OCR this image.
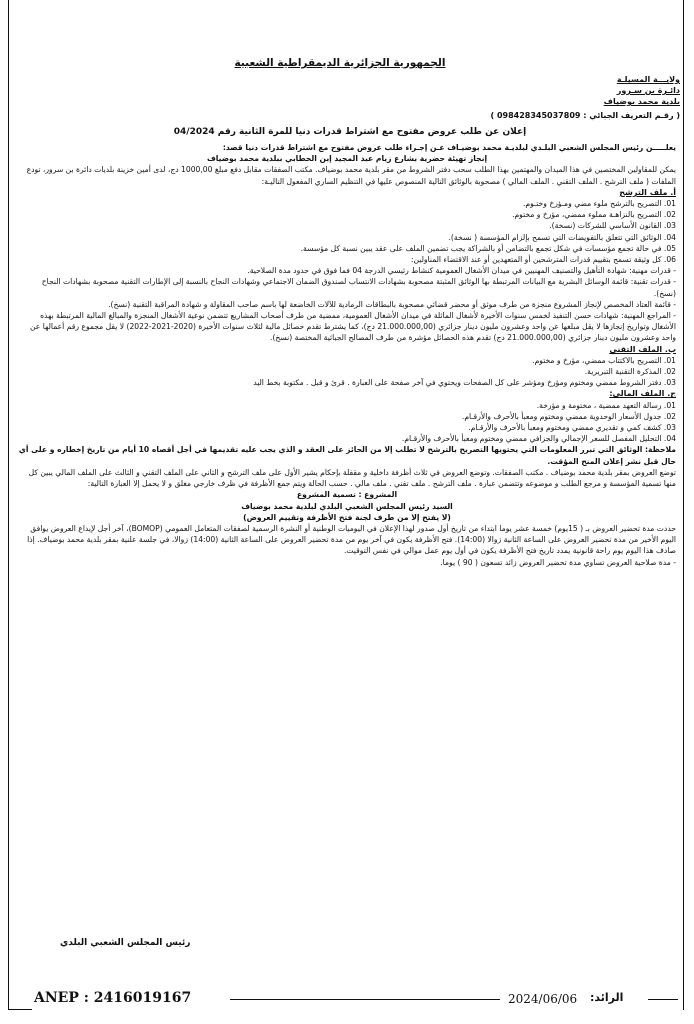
الجمهورية الجزائرية الديمقراطية الشعبية
ولايـــة المسيلـة
دائـرة بن سـرور
بلدية محمد بوضياف
( رقـم التعريف الجبائي : 098428345037809 )
إعلان عن طلب عروض مفتوح مع اشتراط قدرات دنيا للمرة الثانية رقم 04/2024

يعلـــــن رئيس المجلس الشعبي البلـدي لبلديـة محمد بوضيـاف عـن إجـراء طلب عروض مفتوح مع اشتراط قدرات دنيا قصد:

إنجاز تهيئة حضرية بشارع زيام عبد المجيد إبن الحطابي ببلدية محمد بوضياف

يمكن للمقاولين المختصين في هذا الميدان والمهتمين بهذا الطلب سحب دفتر الشروط من مقر بلدية محمد بوضياف. مكتب الصفقات مقابل دفع مبلغ 1000,00 دج، لدى أمين خزينة بلديات دائرة بن سرور، تودع الملفات ( ملف الترشح . الملف التقني . الملف المالي ) مصحوبة بالوثائق التالية المنصوص عليها في التنظيم الساري المفعول التاليـة:

أ. ملف الترشح

01. التصريح بالترشح ملوء مضي ومـؤرخ وختـوم.

02. التصريح بالنزاهـة مملوء ممضي، مؤرخ و مختوم.

03. القانون الأساسي للشركات (نسخة).

04. الوثائق التي تتعلق بالتفويضات التي تسمح بإلزام المؤسسة ( نسخة).

05. في حالة تجمع مؤسسات في شكل تجمع بالتضامن أو بالشراكة يجب تضمين الملف على عقد يبين نسبة كل مؤسسة.

06. كل وثيقة تسمح بتقييم قدرات المترشحين أو المتعهدين أو عند الاقتضاء المناولين:

- قدرات مهنية: شهادة التأهيل والتصنيف المهنيين في ميدان الأشغال العمومية كنشاط رئيسي الدرجة 04 فما فوق في حدود مدة الصلاحية.

- قدرات تقنية: قائمة الوسائل البشرية مع البيانات المرتبطة بها الوثائق المثبتة مصحوبة بشهادات الانتساب لصندوق الضمان الاجتماعي وشهادات النجاح بالنسبة إلى الإطارات التقنية مصحوبة بشهادات النجاح (نسخ).

- قائمة العتاد المخصص لإنجاز المشروع منجزة من طرف موثق أو محضر قضائي مصحوبة بالبطاقات الرمادية للآلات الخاضعة لها باسم صاحب المقاولة و شهادة المراقبة التقنية (نسخ).

- المراجع المهنية: شهادات حسن التنفيذ لخمس سنوات الأخيرة لأشغال الماثلة في ميدان الأشغال العمومية، ممضية من طرف أصحاب المشاريع تتضمن نوعية الأشغال المنجزة والمبالغ المالية المرتبطة بهذه الأشغال وتواريخ إنجازها لا يقل مبلغها عن واحد وعشرون مليون دينار جزائري (21.000.000,00 دج)، كما يشترط تقدم حصائل مالية لثلاث سنوات الأخيرة (2020-2021-2022) لا يقل مجموع رقم أعمالها عن واحد وعشرون مليون دينار جزائري (21.000.000,00 دج) تقدم هذه الحصائل مؤشرة من طرف المصالح الجبائية المختصة (نسخ).

ب. الملف التقني

01. التصريح بالاكتتاب ممضي، مؤرخ و مختوم.

02. المذكرة التقنية التبريرية.

03. دفتر الشروط ممضي ومختوم ومؤرخ ومؤشر على كل الصفحات ويحتوي في آخر صفحة على العبارة . قرئ و قبل . مكتوبة بخط اليد

ج. الملف المالي:

01. رسالة التعهد ممضية ، مختومة و مؤرخة.

02. جدول الأسعار الوحدوية ممضي ومختوم ومعبأ بالأحرف والأرقـام.

03. كشف كمي و تقديري ممضي ومختوم ومعبأ بالأحرف والأرقـام.

04. التحليل المفصل للسعر الإجمالي والجزافي ممضي ومختوم ومعبأ بالأحرف والأرقـام.

ملاحظة: الوثائق التي تبرر المعلومات التي يحتويها التصريح بالترشح لا تطلب إلا من الحائز على العقد و الذي يجب عليه تقديمها في أجل أقصاه 10 أيام من تاريخ إخطاره و على أي حال قبل نشر إعلان المنح المؤقت.

توضع العروض بمقر بلدية محمد بوضياف . مكتب الصفقات. وتوضع العروض في ثلاث أظرفة داخلية و مقفلة بإحكام يشير الأول على ملف الترشح و الثاني على الملف التقني و الثالث على الملف المالي يبين كل منها تسمية المؤسسة و مرجع الطلب و موضوعه وتتضمن عبارة . ملف الترشح . ملف تقني . ملف مالي . حسب الحالة ويتم جمع الأظرفة في ظرف خارجي مغلق و لا يحمل إلا العبارة التالية:

المشروع : تسمية المشروع

السيد رئيس المجلس الشعبي البلدي لبلدية محمد بوضياف

(لا يفتح إلا من طرف لجنة فتح الأظرفة وتقييم العروض)

حددت مدة تحضير العروض بـ ( 15يوم) خمسة عشر يوما ابتداء من تاريخ أول صدور لهذا الإعلان في اليوميات الوطنية أو النشرة الرسمية لصفقات المتعامل العمومي (BOMOP)، آخر أجل لإيداع العروض يوافق اليوم الأخير من مدة تحضير العروض على الساعة الثانية زوالا (14:00). فتح الأظرفة يكون في آخر يوم من مدة تحضير العروض على الساعة الثانية (14:00) زوالا، في جلسة علنية بمقر بلدية محمد بوضياف. إذا صادف هذا اليوم يوم راحة قانونية يمدد تاريخ فتح الأظرفة يكون في أول يوم عمل موالي في نفس التوقيت.

- مدة صلاحية العروض تساوي مدة تحضير العروض زائد تسعون ( 90 ) يوما.

رئيس المجلس الشعبي البلدي
ANEP : 2416019167	2024/06/06 الرائد:
